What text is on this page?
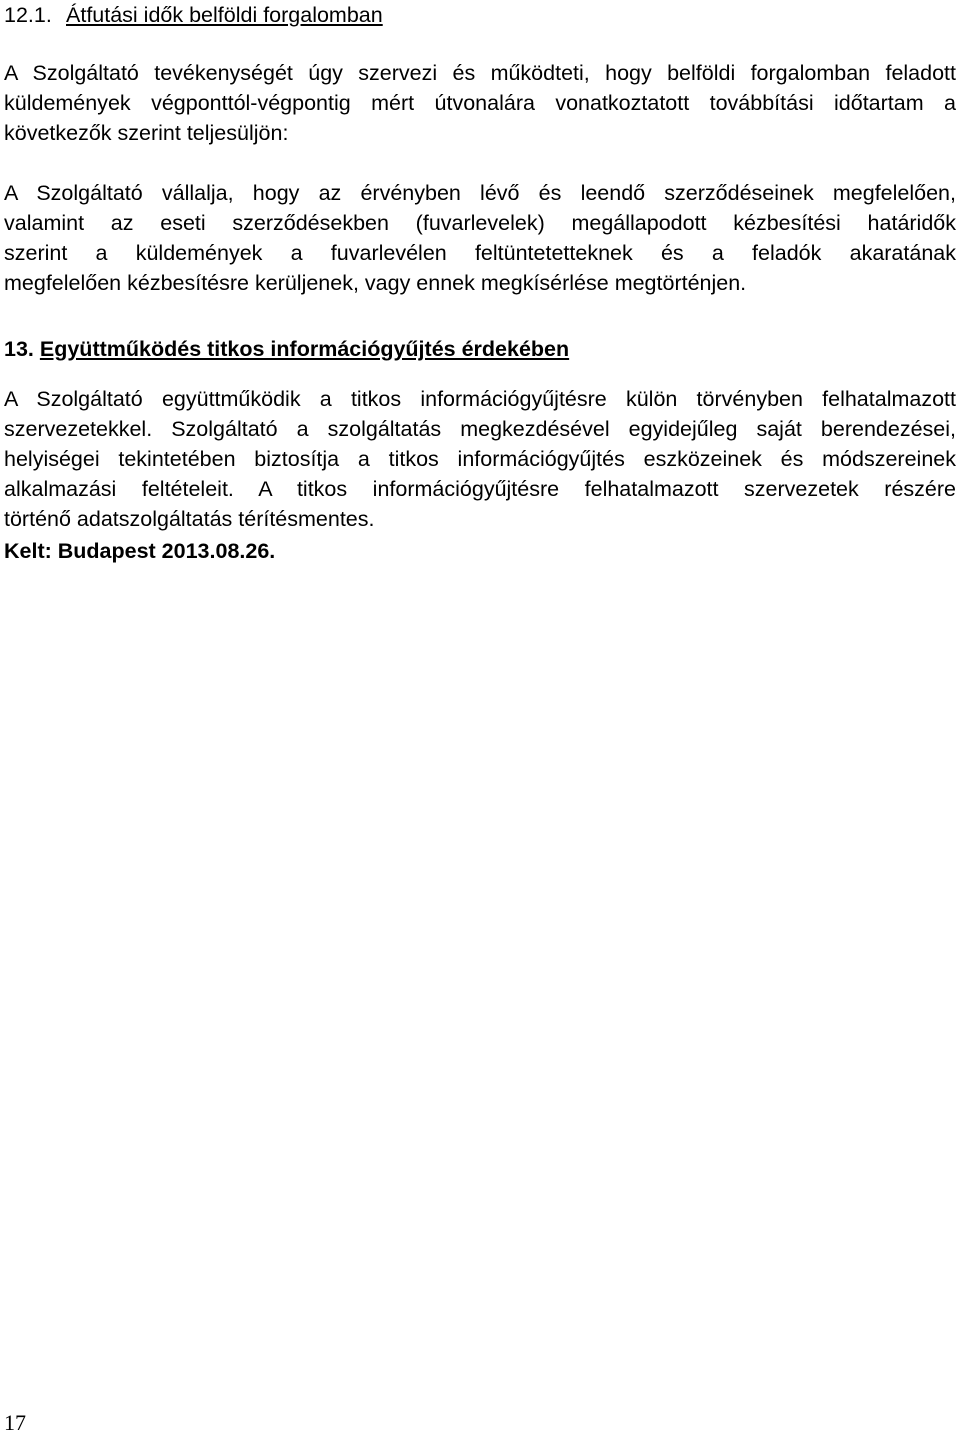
12.1. Átfutási idők belföldi forgalomban

A Szolgáltató tevékenységét úgy szervezi és működteti, hogy belföldi forgalomban feladott
küldemények végponttól-végpontig mért útvonalára vonatkoztatott továbbítási időtartam a
következők szerint teljesüljön:

A Szolgáltató vállalja, hogy az érvényben lévő és leendő szerződéseinek megfelelően,
valamint az eseti szerződésekben (fuvarlevelek) megállapodott kézbesítési határidők
szerint a küldemények a fuvarlevélen feltüntetetteknek és a feladók akaratának
megfelelően kézbesítésre kerüljenek, vagy ennek megkísérlése megtörténjen.

13. Együttműködés titkos információgyűjtés érdekében

A Szolgáltató együttműködik a titkos információgyűjtésre külön törvényben felhatalmazott
szervezetekkel. Szolgáltató a szolgáltatás megkezdésével egyidejűleg saját berendezései,
helyiségei tekintetében biztosítja a titkos információgyűjtés eszközeinek és módszereinek
alkalmazási feltételeit. A titkos információgyűjtésre felhatalmazott szervezetek részére
történő adatszolgáltatás térítésmentes.

Kelt: Budapest 2013.08.26.
17
